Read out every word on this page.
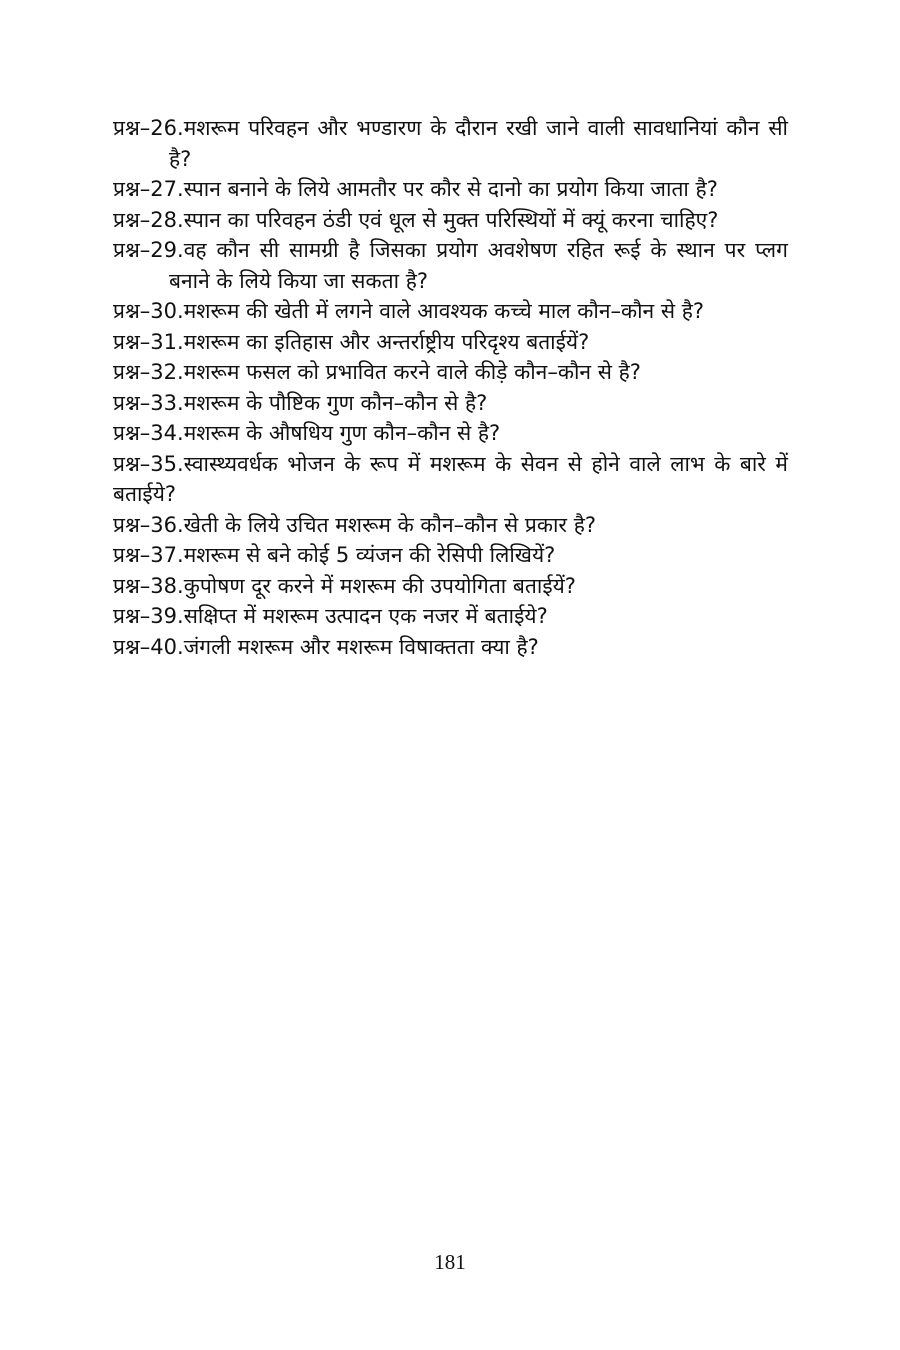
प्रश्न–26.मशरूम परिवहन और भण्डारण के दौरान रखी जाने वाली सावधानियां कौन सी है?
प्रश्न–27.स्पान बनाने के लिये आमतौर पर कौर से दानो का प्रयोग किया जाता है?
प्रश्न–28.स्पान का परिवहन ठंडी एवं धूल से मुक्त परिस्थियों में क्यूं करना चाहिए?
प्रश्न–29.वह कौन सी सामग्री है जिसका प्रयोग अवशेषण रहित रूई के स्थान पर प्लग बनाने के लिये किया जा सकता है?
प्रश्न–30.मशरूम की खेती में लगने वाले आवश्यक कच्चे माल कौन–कौन से है?
प्रश्न–31.मशरूम का इतिहास और अन्तर्राष्ट्रीय परिदृश्य बताईयें?
प्रश्न–32.मशरूम फसल को प्रभावित करने वाले कीड़े कौन–कौन से है?
प्रश्न–33.मशरूम के पौष्टिक गुण कौन–कौन से है?
प्रश्न–34.मशरूम के औषधिय गुण कौन–कौन से है?
प्रश्न–35.स्वास्थ्यवर्धक भोजन के रूप में मशरूम के सेवन से होने वाले लाभ के बारे में बताईये?
प्रश्न–36.खेती के लिये उचित मशरूम के कौन–कौन से प्रकार है?
प्रश्न–37.मशरूम से बने कोई 5 व्यंजन की रेसिपी लिखियें?
प्रश्न–38.कुपोषण दूर करने में मशरूम की उपयोगिता बताईयें?
प्रश्न–39.सक्षिप्त में मशरूम उत्पादन एक नजर में बताईये?
प्रश्न–40.जंगली मशरूम और मशरूम विषाक्तता क्या है?
181
